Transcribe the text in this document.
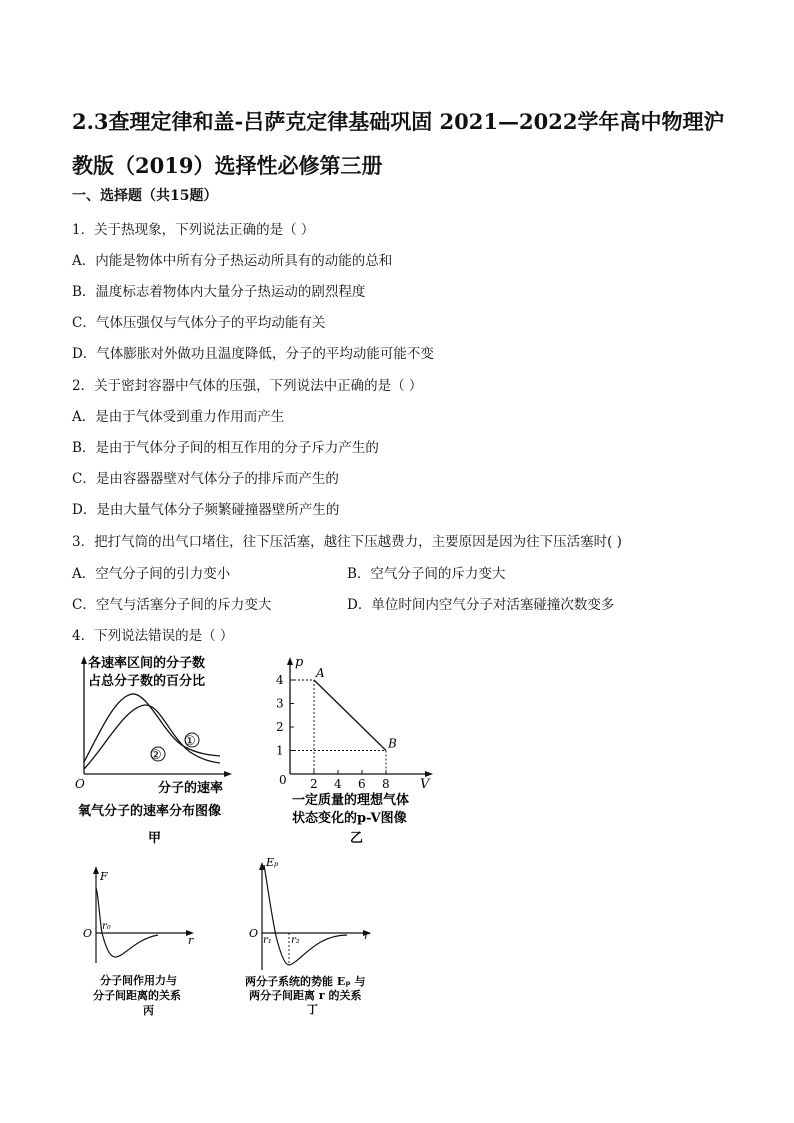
2.3查理定律和盖-吕萨克定律基础巩固 2021—2022学年高中物理沪教版（2019）选择性必修第三册
一、选择题（共15题）
1．关于热现象，下列说法正确的是（ ）
A．内能是物体中所有分子热运动所具有的动能的总和
B．温度标志着物体内大量分子热运动的剧烈程度
C．气体压强仅与气体分子的平均动能有关
D．气体膨胀对外做功且温度降低，分子的平均动能可能不变
2．关于密封容器中气体的压强，下列说法中正确的是（ ）
A．是由于气体受到重力作用而产生
B．是由于气体分子间的相互作用的分子斥力产生的
C．是由容器器壁对气体分子的排斥而产生的
D．是由大量气体分子频繁碰撞器壁所产生的
3．把打气筒的出气口堵住，往下压活塞，越往下压越费力，主要原因是因为往下压活塞时( )
A．空气分子间的引力变小	B．空气分子间的斥力变大
C．空气与活塞分子间的斥力变大	D．单位时间内空气分子对活塞碰撞次数变多
4．下列说法错误的是（ ）
各速率区间的分子数
占总分子数的百分比
①
②
O	分子的速率
氧气分子的速率分布图像
甲
p
V
0
一定质量的理想气体
状态变化的p-V图像
乙
2 4 6 8
1
2
3
4	A
B
F
O
r₀
r
分子间作用力与
分子间距离的关系
丙
Eₚ
O
r₁ r₂	r
两分子系统的势能 Eₚ 与
两分子间距离 r 的关系
丁
